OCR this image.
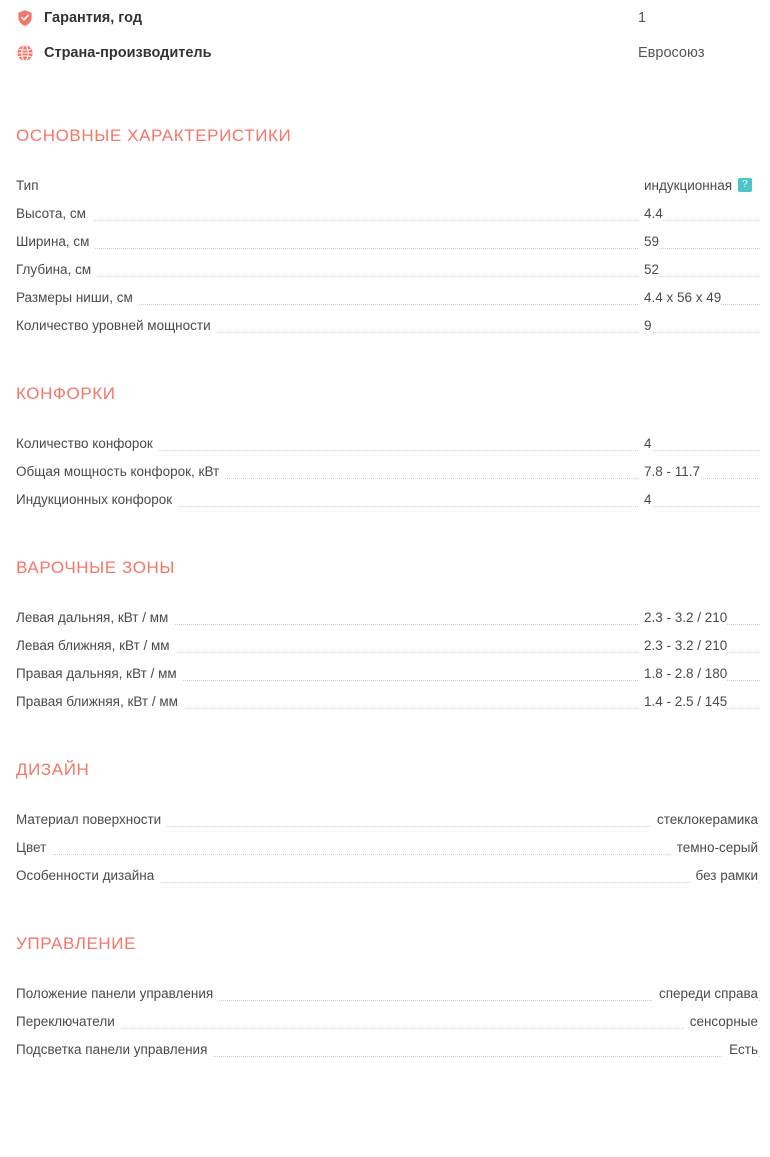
Гарантия, год	1
Страна-производитель	Евросоюз
ОСНОВНЫЕ ХАРАКТЕРИСТИКИ
Тип	индукционная ?
Высота, см	4.4
Ширина, см	59
Глубина, см	52
Размеры ниши, см	4.4 x 56 x 49
Количество уровней мощности	9
КОНФОРКИ
Количество конфорок	4
Общая мощность конфорок, кВт	7.8 - 11.7
Индукционных конфорок	4
ВАРОЧНЫЕ ЗОНЫ
Левая дальняя, кВт / мм	2.3 - 3.2 / 210
Левая ближняя, кВт / мм	2.3 - 3.2 / 210
Правая дальняя, кВт / мм	1.8 - 2.8 / 180
Правая ближняя, кВт / мм	1.4 - 2.5 / 145
ДИЗАЙН
Материал поверхности	стеклокерамика
Цвет	темно-серый
Особенности дизайна	без рамки
УПРАВЛЕНИЕ
Положение панели управления	спереди справа
Переключатели	сенсорные
Подсветка панели управления	Есть
